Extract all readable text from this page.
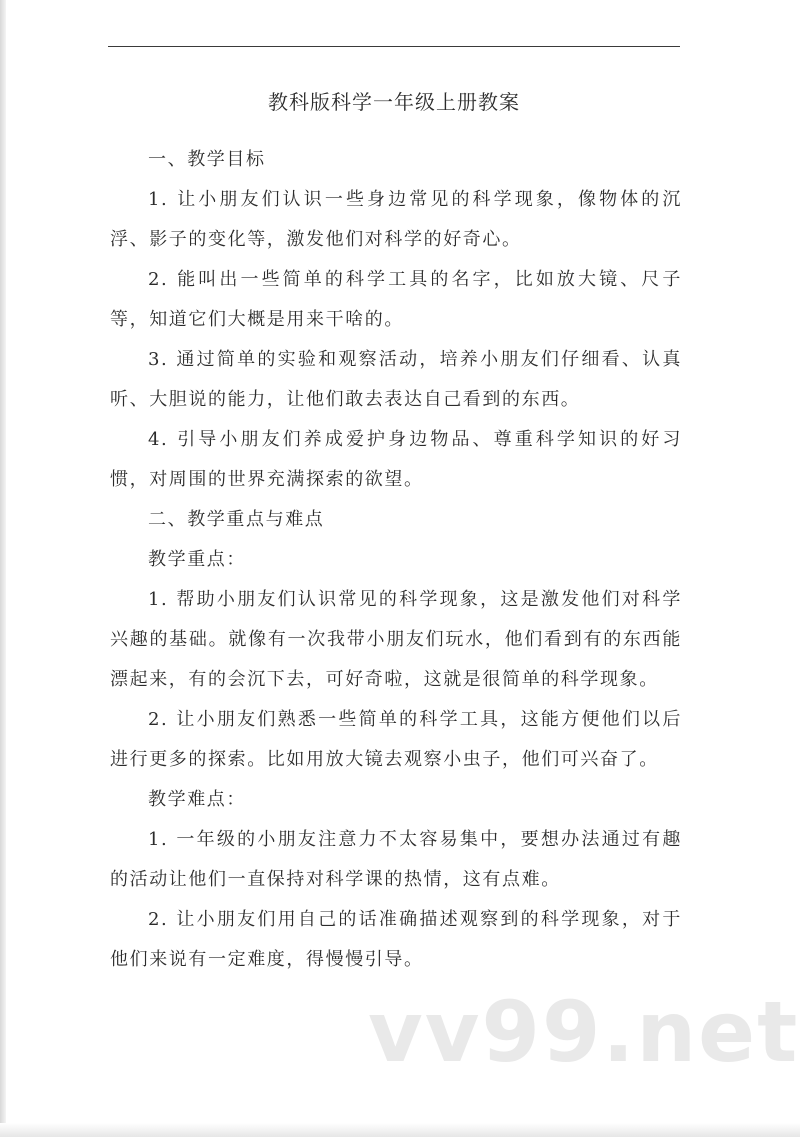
教科版科学一年级上册教案

一、教学目标

1. 让小朋友们认识一些身边常见的科学现象，像物体的沉浮、影子的变化等，激发他们对科学的好奇心。

2. 能叫出一些简单的科学工具的名字，比如放大镜、尺子等，知道它们大概是用来干啥的。

3. 通过简单的实验和观察活动，培养小朋友们仔细看、认真听、大胆说的能力，让他们敢去表达自己看到的东西。

4. 引导小朋友们养成爱护身边物品、尊重科学知识的好习惯，对周围的世界充满探索的欲望。

二、教学重点与难点

教学重点：

1. 帮助小朋友们认识常见的科学现象，这是激发他们对科学兴趣的基础。就像有一次我带小朋友们玩水，他们看到有的东西能漂起来，有的会沉下去，可好奇啦，这就是很简单的科学现象。

2. 让小朋友们熟悉一些简单的科学工具，这能方便他们以后进行更多的探索。比如用放大镜去观察小虫子，他们可兴奋了。

教学难点：

1. 一年级的小朋友注意力不太容易集中，要想办法通过有趣的活动让他们一直保持对科学课的热情，这有点难。

2. 让小朋友们用自己的话准确描述观察到的科学现象，对于他们来说有一定难度，得慢慢引导。

vv99.net
